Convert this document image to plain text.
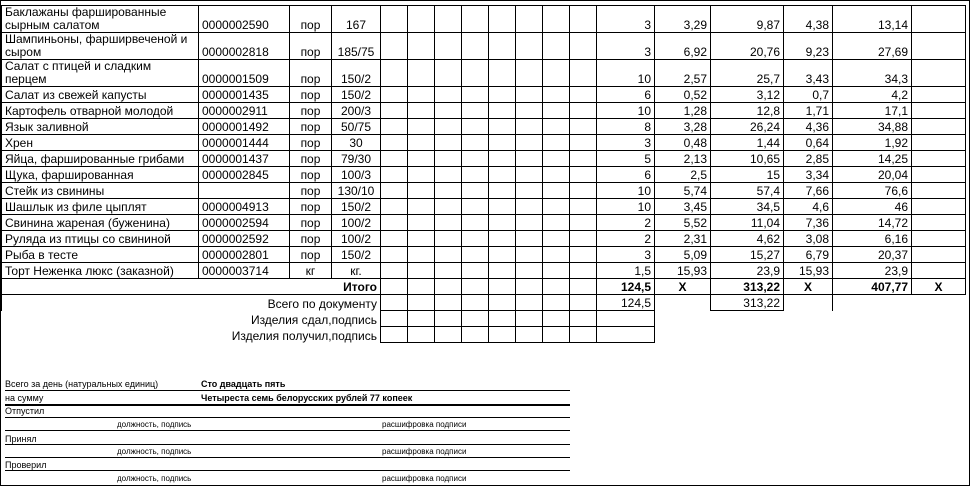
Баклажаны фаршированные сырным салатом	0000002590	пор	167									3	3,29	9,87	4,38	13,14	
Шампиньоны, фарширвеченой и сыром	0000002818	пор	185/75									3	6,92	20,76	9,23	27,69	
Салат с птицей и сладким перцем	0000001509	пор	150/2									10	2,57	25,7	3,43	34,3	
Салат из свежей капусты	0000001435	пор	150/2									6	0,52	3,12	0,7	4,2	
Картофель отварной молодой	0000002911	пор	200/3									10	1,28	12,8	1,71	17,1	
Язык заливной	0000001492	пор	50/75									8	3,28	26,24	4,36	34,88	
Хрен	0000001444	пор	30									3	0,48	1,44	0,64	1,92	
Яйца, фаршированные грибами	0000001437	пор	79/30									5	2,13	10,65	2,85	14,25	
Щука, фаршированная	0000002845	пор	100/3									6	2,5	15	3,34	20,04	
Стейк из свинины		пор	130/10									10	5,74	57,4	7,66	76,6	
Шашлык из филе цыплят	0000004913	пор	150/2									10	3,45	34,5	4,6	46	
Свинина жареная (буженина)	0000002594	пор	100/2									2	5,52	11,04	7,36	14,72	
Руляда из птицы со свининой	0000002592	пор	100/2									2	2,31	4,62	3,08	6,16	
Рыба в тесте	0000002801	пор	150/2									3	5,09	15,27	6,79	20,37	
Торт Неженка люкс (заказной)	0000003714	кг	кг.									1,5	15,93	23,9	15,93	23,9	
Итого												124,5	X	313,22	X	407,77	X
Всего по документу												124,5		313,22			
Изделия сдал,подпись																	
Изделия получил,подпись																	
Всего за день (натуральных единиц)	Сто двадцать пять
на сумму	Четыреста семь белорусских рублей 77 копеек
Отпустил
должность, подпись	расшифровка подписи
Принял
должность, подпись	расшифровка подписи
Проверил
должность, подпись	расшифровка подписи
